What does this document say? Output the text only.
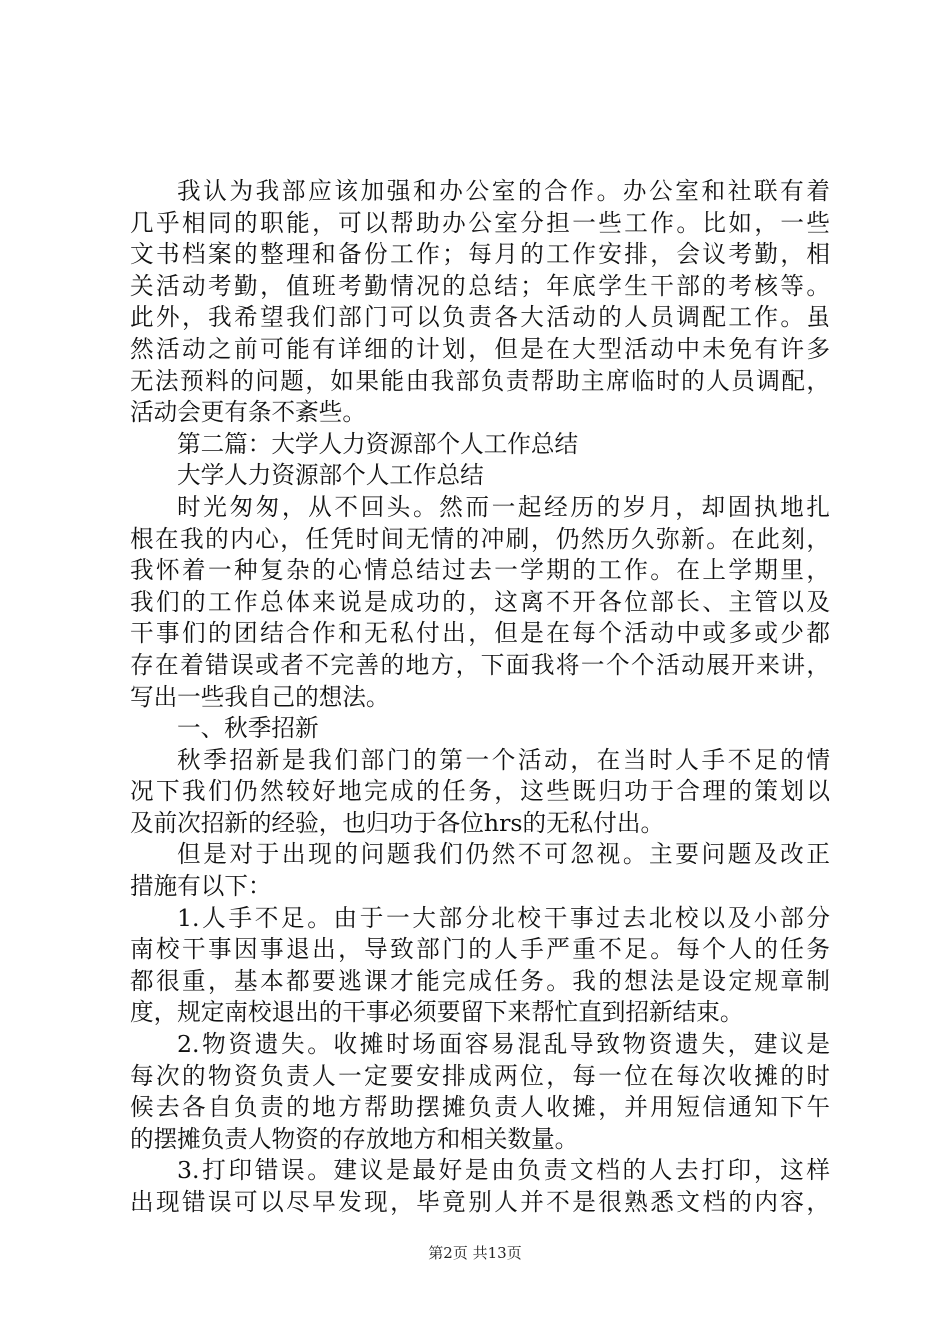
我认为我部应该加强和办公室的合作。办公室和社联有着
几乎相同的职能，可以帮助办公室分担一些工作。比如，一些
文书档案的整理和备份工作；每月的工作安排，会议考勤，相
关活动考勤，值班考勤情况的总结；年底学生干部的考核等。
此外，我希望我们部门可以负责各大活动的人员调配工作。虽
然活动之前可能有详细的计划，但是在大型活动中未免有许多
无法预料的问题，如果能由我部负责帮助主席临时的人员调配，
活动会更有条不紊些。
第二篇：大学人力资源部个人工作总结
大学人力资源部个人工作总结
时光匆匆，从不回头。然而一起经历的岁月，却固执地扎
根在我的内心，任凭时间无情的冲刷，仍然历久弥新。在此刻，
我怀着一种复杂的心情总结过去一学期的工作。在上学期里，
我们的工作总体来说是成功的，这离不开各位部长、主管以及
干事们的团结合作和无私付出，但是在每个活动中或多或少都
存在着错误或者不完善的地方，下面我将一个个活动展开来讲，
写出一些我自己的想法。
一、秋季招新
秋季招新是我们部门的第一个活动，在当时人手不足的情
况下我们仍然较好地完成的任务，这些既归功于合理的策划以
及前次招新的经验，也归功于各位hrs的无私付出。
但是对于出现的问题我们仍然不可忽视。主要问题及改正
措施有以下：
1.人手不足。由于一大部分北校干事过去北校以及小部分
南校干事因事退出，导致部门的人手严重不足。每个人的任务
都很重，基本都要逃课才能完成任务。我的想法是设定规章制
度，规定南校退出的干事必须要留下来帮忙直到招新结束。
2.物资遗失。收摊时场面容易混乱导致物资遗失，建议是
每次的物资负责人一定要安排成两位，每一位在每次收摊的时
候去各自负责的地方帮助摆摊负责人收摊，并用短信通知下午
的摆摊负责人物资的存放地方和相关数量。
3.打印错误。建议是最好是由负责文档的人去打印，这样
出现错误可以尽早发现，毕竟别人并不是很熟悉文档的内容，
第2页 共13页
